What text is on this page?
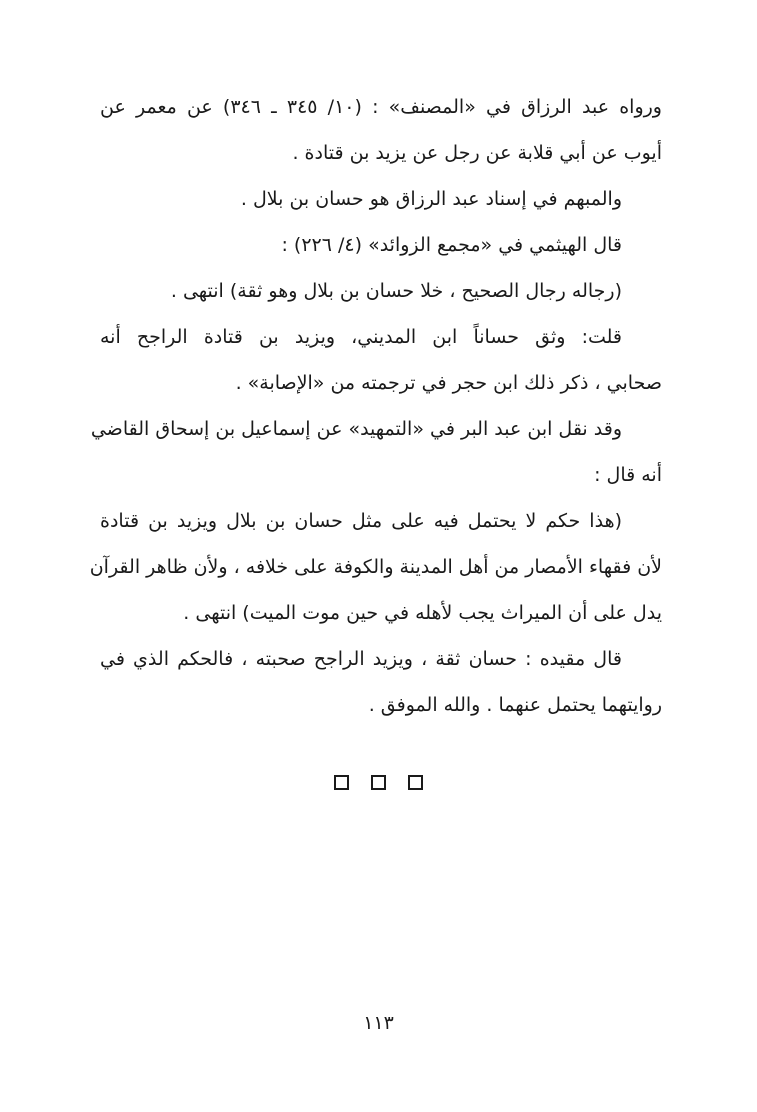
ورواه عبد الرزاق في «المصنف» : (١٠/ ٣٤٥ ـ ٣٤٦) عن معمر عن
أيوب عن أبي قلابة عن رجل عن يزيد بن قتادة .
والمبهم في إسناد عبد الرزاق هو حسان بن بلال .
قال الهيثمي في «مجمع الزوائد» (٤/ ٢٢٦) :
(رجاله رجال الصحيح ، خلا حسان بن بلال وهو ثقة) انتهى .
قلت: وثق حساناً ابن المديني، ويزيد بن قتادة الراجح أنه
صحابي ، ذكر ذلك ابن حجر في ترجمته من «الإصابة» .
وقد نقل ابن عبد البر في «التمهيد» عن إسماعيل بن إسحاق القاضي
أنه قال :
(هذا حكم لا يحتمل فيه على مثل حسان بن بلال ويزيد بن قتادة
لأن فقهاء الأمصار من أهل المدينة والكوفة على خلافه ، ولأن ظاهر القرآن
يدل على أن الميراث يجب لأهله في حين موت الميت) انتهى .
قال مقيده : حسان ثقة ، ويزيد الراجح صحبته ، فالحكم الذي في
روايتهما يحتمل عنهما . والله الموفق .
١١٣
